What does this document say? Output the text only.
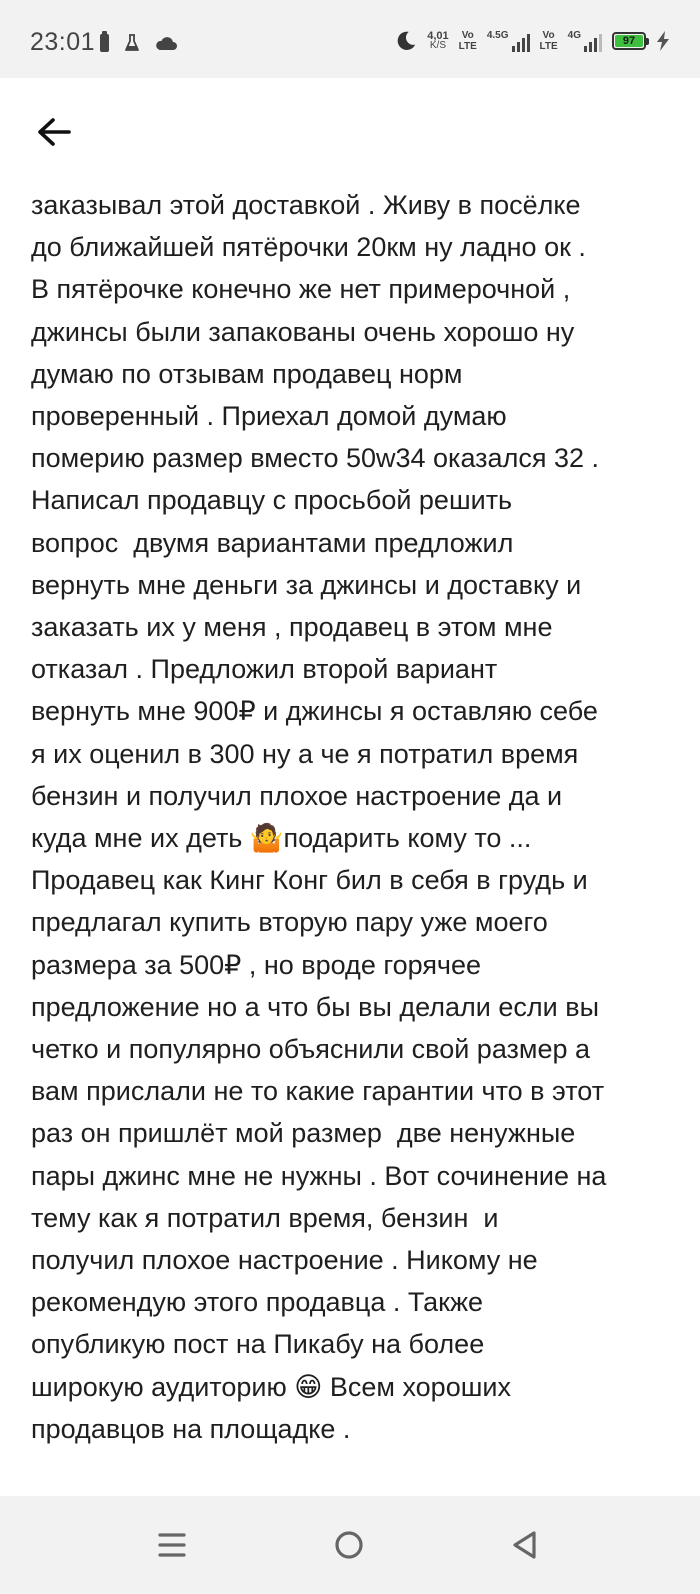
23:01	4,01
K/S
Vo
LTE
4.5G	Vo
LTE
4G	97
заказывал этой доставкой . Живу в посёлке
до ближайшей пятёрочки 20км ну ладно ок .
В пятёрочке конечно же нет примерочной ,
джинсы были запакованы очень хорошо ну
думаю по отзывам продавец норм
проверенный . Приехал домой думаю
померию размер вместо 50w34 оказался 32 .
Написал продавцу с просьбой решить
вопрос  двумя вариантами предложил
вернуть мне деньги за джинсы и доставку и
заказать их у меня , продавец в этом мне
отказал . Предложил второй вариант
вернуть мне 900₽ и джинсы я оставляю себе
я их оценил в 300 ну а че я потратил время
бензин и получил плохое настроение да и
куда мне их деть 🤷подарить кому то ...
Продавец как Кинг Конг бил в себя в грудь и
предлагал купить вторую пару уже моего
размера за 500₽ , но вроде горячее
предложение но а что бы вы делали если вы
четко и популярно объяснили свой размер а
вам прислали не то какие гарантии что в этот
раз он пришлёт мой размер  две ненужные
пары джинс мне не нужны . Вот сочинение на
тему как я потратил время, бензин  и
получил плохое настроение . Никому не
рекомендую этого продавца . Также
опубликую пост на Пикабу на более
широкую аудиторию 😁 Всем хороших
продавцов на площадке .
